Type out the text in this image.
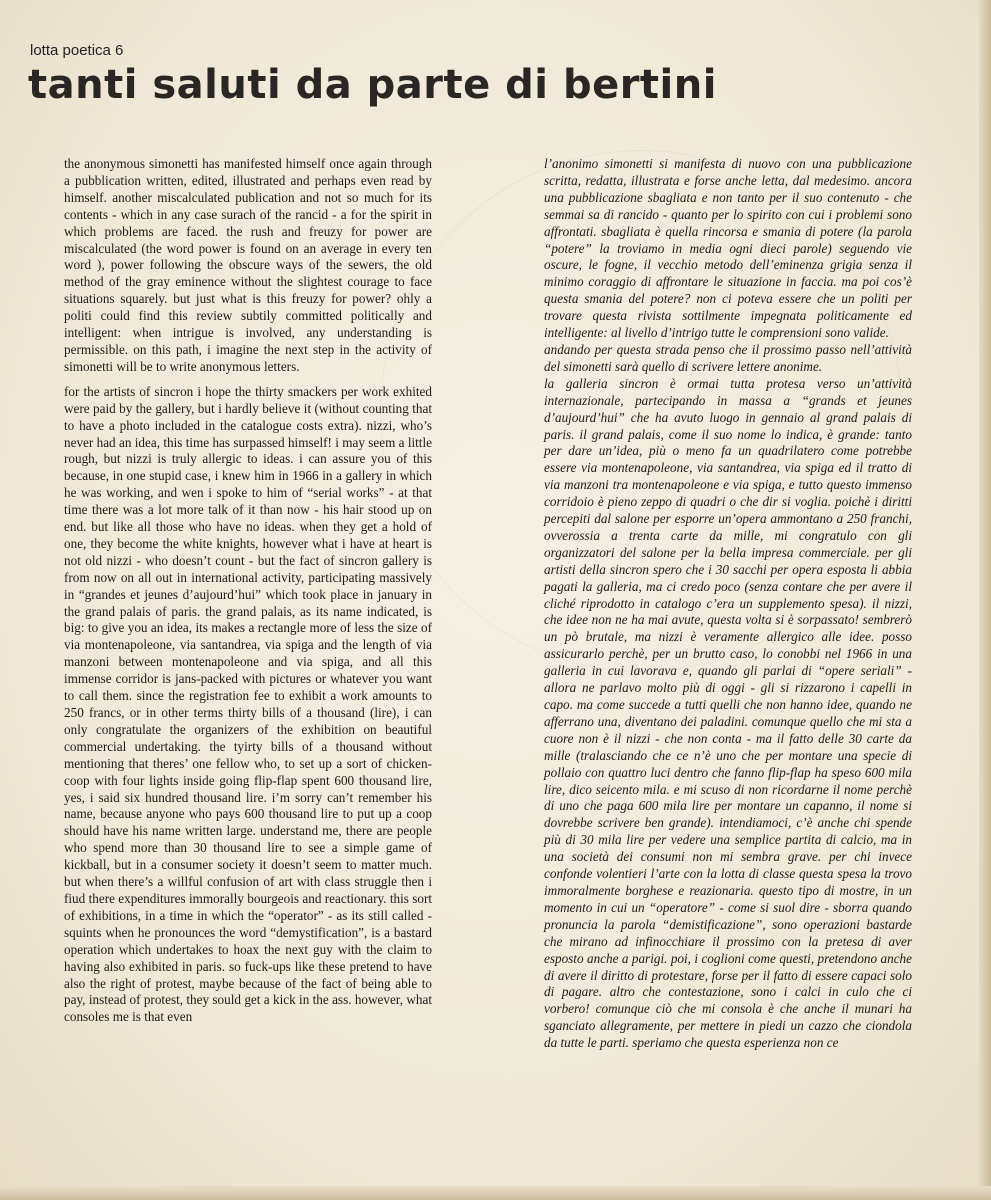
lotta poetica 6
tanti saluti da parte di bertini

the anonymous simonetti has manifested himself once again through a pubblication written, edited, illustrated and perhaps even read by himself. another miscalculated publication and not so much for its contents - which in any case surach of the rancid - a for the spirit in which problems are faced. the rush and freuzy for power are miscalculated (the word power is found on an average in every ten word ), power following the obscure ways of the sewers, the old method of the gray eminence without the slightest courage to face situations squarely. but just what is this freuzy for power? ohly a politi could find this review subtily committed politically and intelligent: when intrigue is involved, any understanding is permissible. on this path, i imagine the next step in the activity of simonetti will be to write anonymous letters.

for the artists of sincron i hope the thirty smackers per work exhited were paid by the gallery, but i hardly believe it (without counting that to have a photo included in the catalogue costs extra). nizzi, who’s never had an idea, this time has surpassed himself! i may seem a little rough, but nizzi is truly allergic to ideas. i can assure you of this because, in one stupid case, i knew him in 1966 in a gallery in which he was working, and wen i spoke to him of “serial works” - at that time there was a lot more talk of it than now - his hair stood up on end. but like all those who have no ideas. when they get a hold of one, they become the white knights, however what i have at heart is not old nizzi - who doesn’t count - but the fact of sincron gallery is from now on all out in international activity, participating massively in “grandes et jeunes d’aujourd’hui” which took place in january in the grand palais of paris. the grand palais, as its name indicated, is big: to give you an idea, its makes a rectangle more of less the size of via montenapoleone, via santandrea, via spiga and the length of via manzoni between montenapoleone and via spiga, and all this immense corridor is jans-packed with pictures or whatever you want to call them. since the registration fee to exhibit a work amounts to 250 francs, or in other terms thirty bills of a thousand (lire), i can only congratulate the organizers of the exhibition on beautiful commercial undertaking. the tyirty bills of a thousand without mentioning that theres’ one fellow who, to set up a sort of chicken-coop with four lights inside going flip-flap spent 600 thousand lire, yes, i said six hundred thousand lire. i’m sorry can’t remember his name, because anyone who pays 600 thousand lire to put up a coop should have his name written large. understand me, there are people who spend more than 30 thousand lire to see a simple game of kickball, but in a consumer society it doesn’t seem to matter much. but when there’s a willful confusion of art with class struggle then i fiud there expenditures immorally bourgeois and reactionary. this sort of exhibitions, in a time in which the “operator” - as its still called - squints when he pronounces the word “demystification”, is a bastard operation which undertakes to hoax the next guy with the claim to having also exhibited in paris. so fuck-ups like these pretend to have also the right of protest, maybe because of the fact of being able to pay, instead of protest, they sould get a kick in the ass. however, what consoles me is that even

l’anonimo simonetti si manifesta di nuovo con una pubblicazione scritta, redatta, illustrata e forse anche letta, dal medesimo. ancora una pubblicazione sbagliata e non tanto per il suo contenuto - che semmai sa di rancido - quanto per lo spirito con cui i problemi sono affrontati. sbagliata è quella rincorsa e smania di potere (la parola “potere” la troviamo in media ogni dieci parole) seguendo vie oscure, le fogne, il vecchio metodo dell’eminenza grigia senza il minimo coraggio di affrontare le situazione in faccia. ma poi cos’è questa smania del potere? non ci poteva essere che un politi per trovare questa rivista sottilmente impegnata politicamente ed intelligente: al livello d’intrigo tutte le comprensioni sono valide.

andando per questa strada penso che il prossimo passo nell’attività del simonetti sarà quello di scrivere lettere anonime.

la galleria sincron è ormai tutta protesa verso un’attività internazionale, partecipando in massa a “grands et jeunes d’aujourd’hui” che ha avuto luogo in gennaio al grand palais di paris. il grand palais, come il suo nome lo indica, è grande: tanto per dare un’idea, più o meno fa un quadrilatero come potrebbe essere via montenapoleone, via santandrea, via spiga ed il tratto di via manzoni tra montenapoleone e via spiga, e tutto questo immenso corridoio è pieno zeppo di quadri o che dir si voglia. poichè i diritti percepiti dal salone per esporre un’opera ammontano a 250 franchi, ovverossia a trenta carte da mille, mi congratulo con gli organizzatori del salone per la bella impresa commerciale. per gli artisti della sincron spero che i 30 sacchi per opera esposta li abbia pagati la galleria, ma ci credo poco (senza contare che per avere il cliché riprodotto in catalogo c’era un supplemento spesa). il nizzi, che idee non ne ha mai avute, questa volta si è sorpassato! sembrerò un pò brutale, ma nizzi è veramente allergico alle idee. posso assicurarlo perchè, per un brutto caso, lo conobbi nel 1966 in una galleria in cui lavorava e, quando gli parlai di “opere seriali” - allora ne parlavo molto più di oggi - gli si rizzarono i capelli in capo. ma come succede a tutti quelli che non hanno idee, quando ne afferrano una, diventano dei paladini. comunque quello che mi sta a cuore non è il nizzi - che non conta - ma il fatto delle 30 carte da mille (tralasciando che ce n’è uno che per montare una specie di pollaio con quattro luci dentro che fanno flip-flap ha speso 600 mila lire, dico seicento mila. e mi scuso di non ricordarne il nome perchè di uno che paga 600 mila lire per montare un capanno, il nome si dovrebbe scrivere ben grande). intendiamoci, c’è anche chi spende più di 30 mila lire per vedere una semplice partita di calcio, ma in una società dei consumi non mi sembra grave. per chi invece confonde volentieri l’arte con la lotta di classe questa spesa la trovo immoralmente borghese e reazionaria. questo tipo di mostre, in un momento in cui un “operatore” - come si suol dire - sborra quando pronuncia la parola “demistificazione”, sono operazioni bastarde che mirano ad infinocchiare il prossimo con la pretesa di aver esposto anche a parigi. poi, i coglioni come questi, pretendono anche di avere il diritto di protestare, forse per il fatto di essere capaci solo di pagare. altro che contestazione, sono i calci in culo che ci vorbero! comunque ciò che mi consola è che anche il munari ha sganciato allegramente, per mettere in piedi un cazzo che ciondola da tutte le parti. speriamo che questa esperienza non ce
